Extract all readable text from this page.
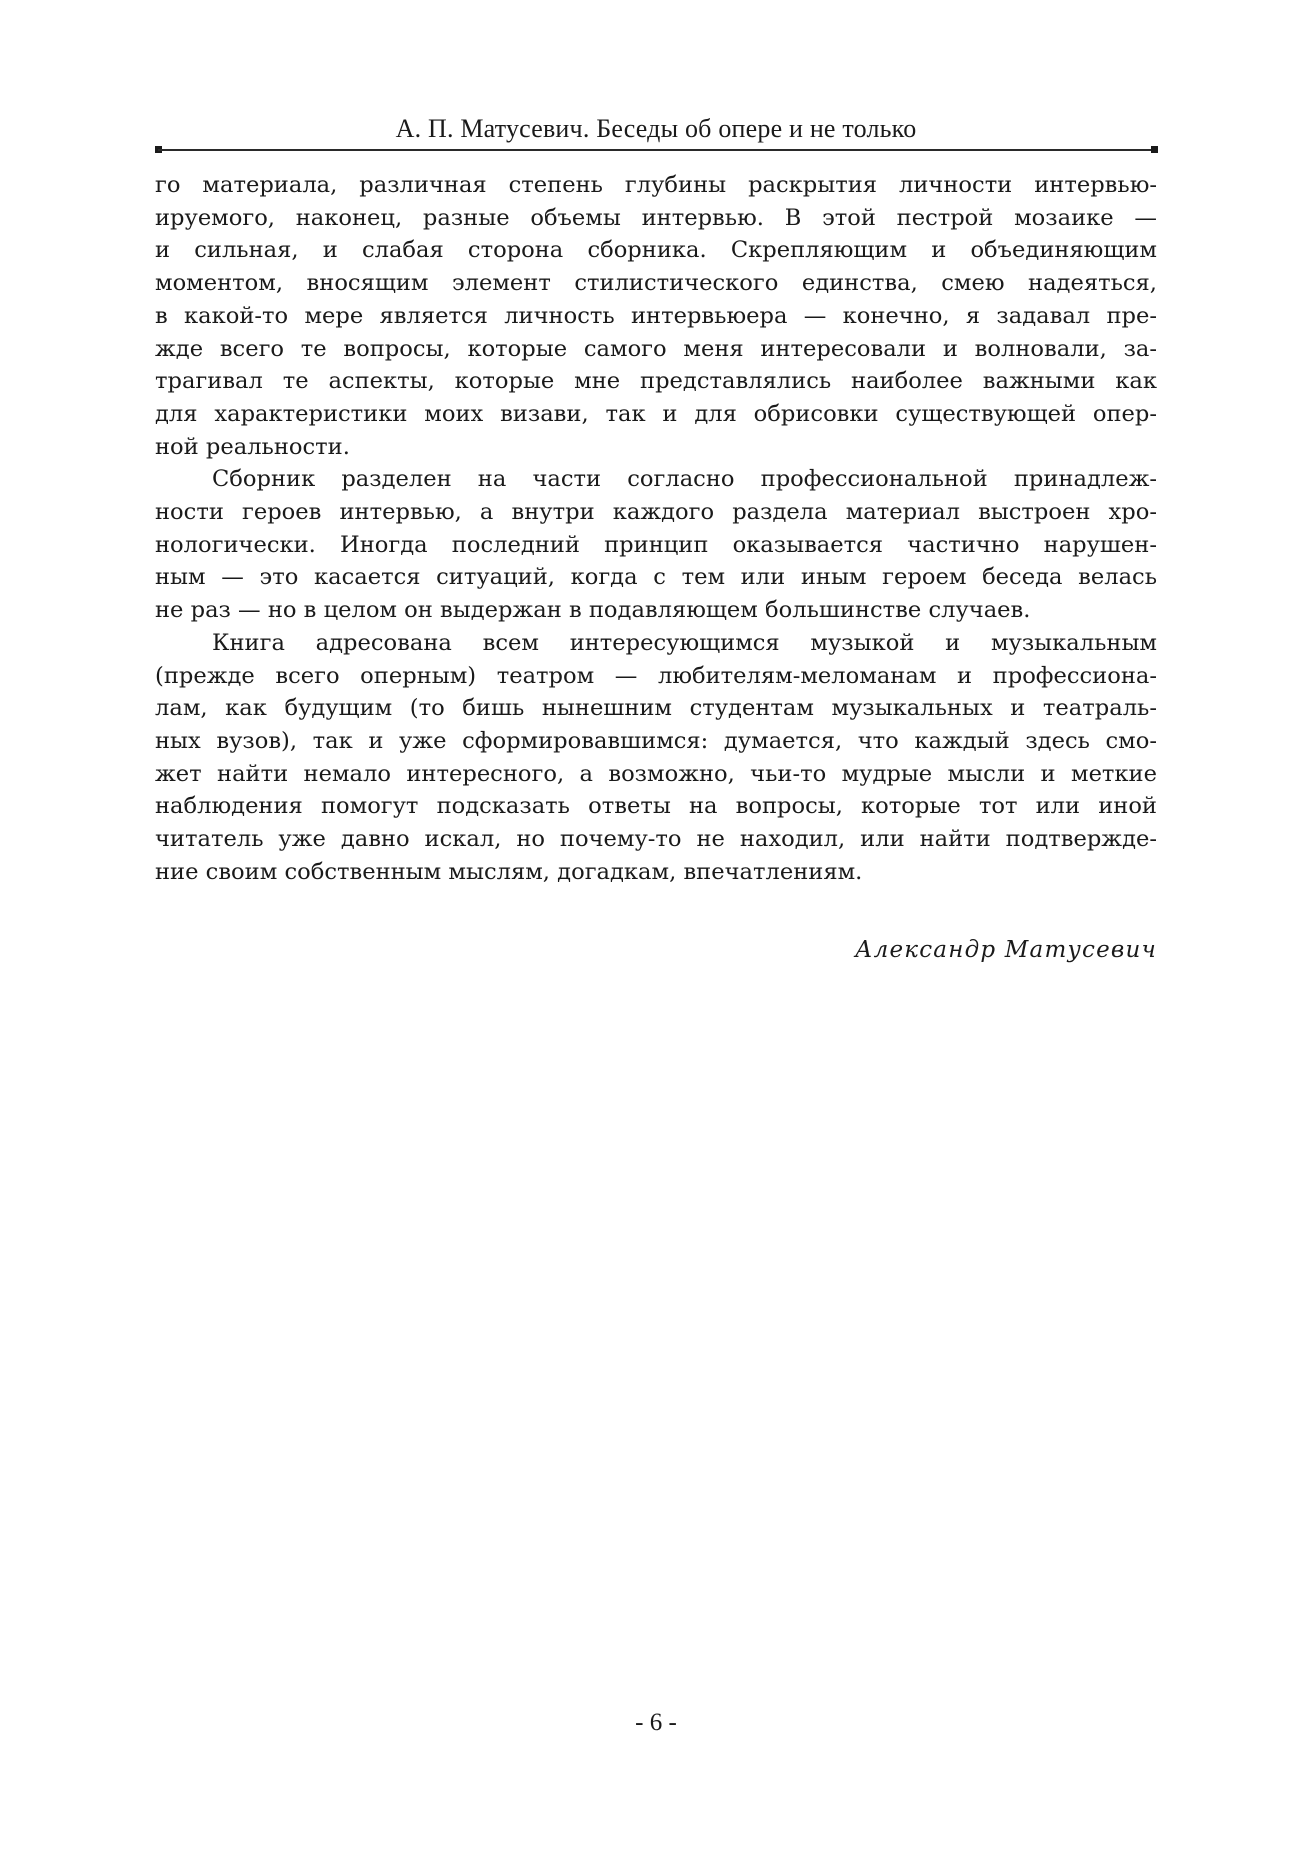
А. П. Матусевич. Беседы об опере и не только
го материала, различная степень глубины раскрытия личности интервью-
ируемого, наконец, разные объемы интервью. В этой пестрой мозаике —
и сильная, и слабая сторона сборника. Скрепляющим и объединяющим
моментом, вносящим элемент стилистического единства, смею надеяться,
в какой-то мере является личность интервьюера — конечно, я задавал пре-
жде всего те вопросы, которые самого меня интересовали и волновали, за-
трагивал те аспекты, которые мне представлялись наиболее важными как
для характеристики моих визави, так и для обрисовки существующей опер-
ной реальности.
Сборник разделен на части согласно профессиональной принадлеж-
ности героев интервью, а внутри каждого раздела материал выстроен хро-
нологически. Иногда последний принцип оказывается частично нарушен-
ным — это касается ситуаций, когда с тем или иным героем беседа велась
не раз — но в целом он выдержан в подавляющем большинстве случаев.
Книга адресована всем интересующимся музыкой и музыкальным
(прежде всего оперным) театром — любителям-меломанам и профессиона-
лам, как будущим (то бишь нынешним студентам музыкальных и театраль-
ных вузов), так и уже сформировавшимся: думается, что каждый здесь смо-
жет найти немало интересного, а возможно, чьи-то мудрые мысли и меткие
наблюдения помогут подсказать ответы на вопросы, которые тот или иной
читатель уже давно искал, но почему-то не находил, или найти подтвержде-
ние своим собственным мыслям, догадкам, впечатлениям.
Александр Матусевич
- 6 -
